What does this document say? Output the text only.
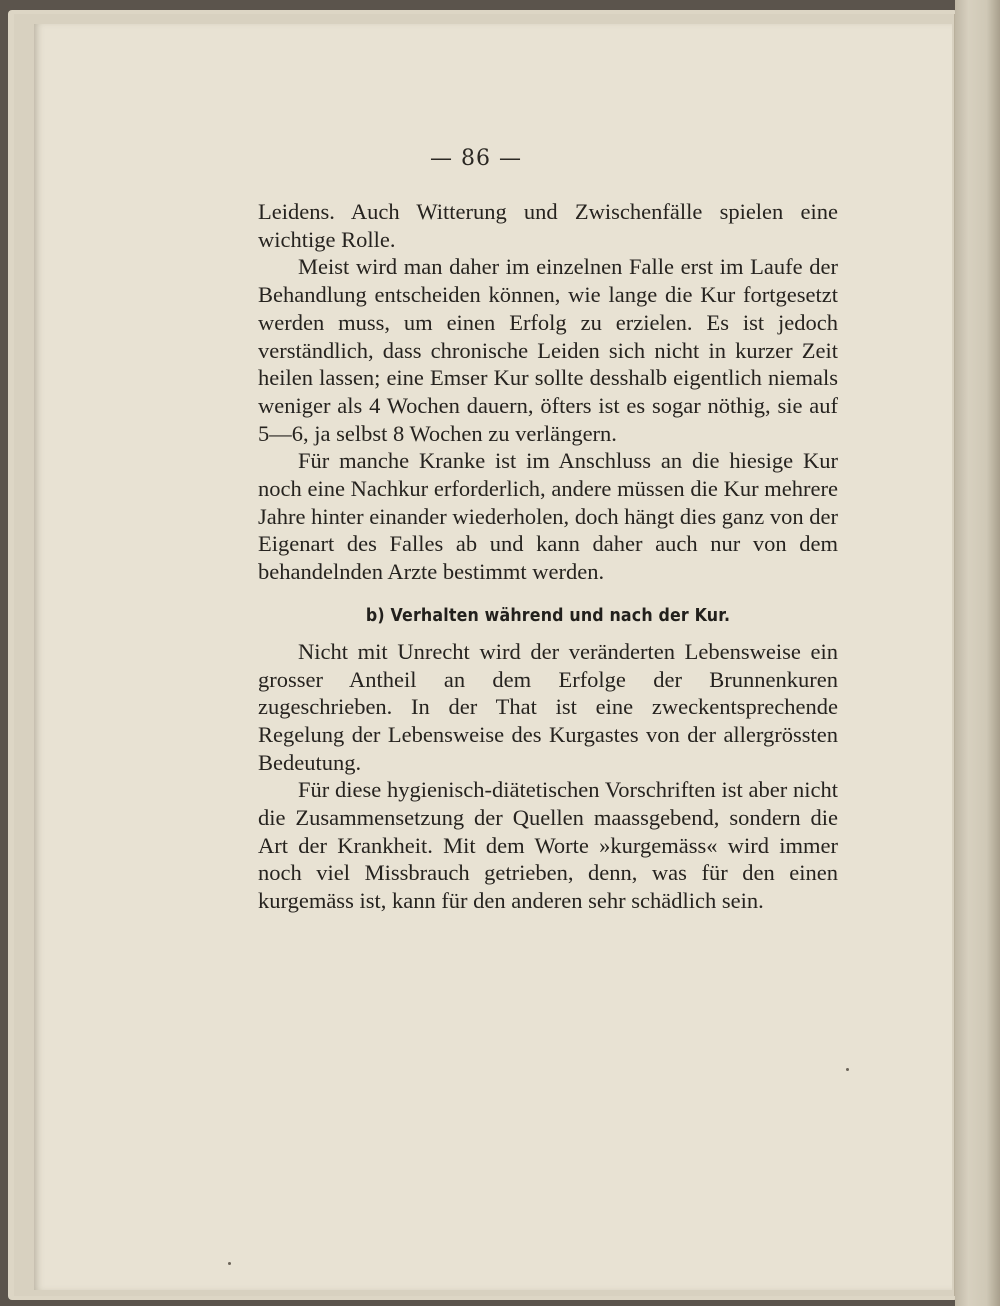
— 86 —

Leidens. Auch Witterung und Zwischenfälle spielen eine wichtige Rolle.

Meist wird man daher im einzelnen Falle erst im Laufe der Behandlung entscheiden können, wie lange die Kur fortgesetzt werden muss, um einen Erfolg zu erzielen. Es ist jedoch verständlich, dass chronische Leiden sich nicht in kurzer Zeit heilen lassen; eine Emser Kur sollte desshalb eigentlich niemals weniger als 4 Wochen dauern, öfters ist es sogar nöthig, sie auf 5—6, ja selbst 8 Wochen zu verlängern.

Für manche Kranke ist im Anschluss an die hiesige Kur noch eine Nachkur erforderlich, andere müssen die Kur mehrere Jahre hinter einander wiederholen, doch hängt dies ganz von der Eigenart des Falles ab und kann daher auch nur von dem behandelnden Arzte bestimmt werden.

b) Verhalten während und nach der Kur.

Nicht mit Unrecht wird der veränderten Lebensweise ein grosser Antheil an dem Erfolge der Brunnenkuren zugeschrieben. In der That ist eine zweckentsprechende Regelung der Lebensweise des Kurgastes von der allergrössten Bedeutung.

Für diese hygienisch-diätetischen Vorschriften ist aber nicht die Zusammensetzung der Quellen maassgebend, sondern die Art der Krankheit. Mit dem Worte »kurgemäss« wird immer noch viel Missbrauch getrieben, denn, was für den einen kurgemäss ist, kann für den anderen sehr schädlich sein.
